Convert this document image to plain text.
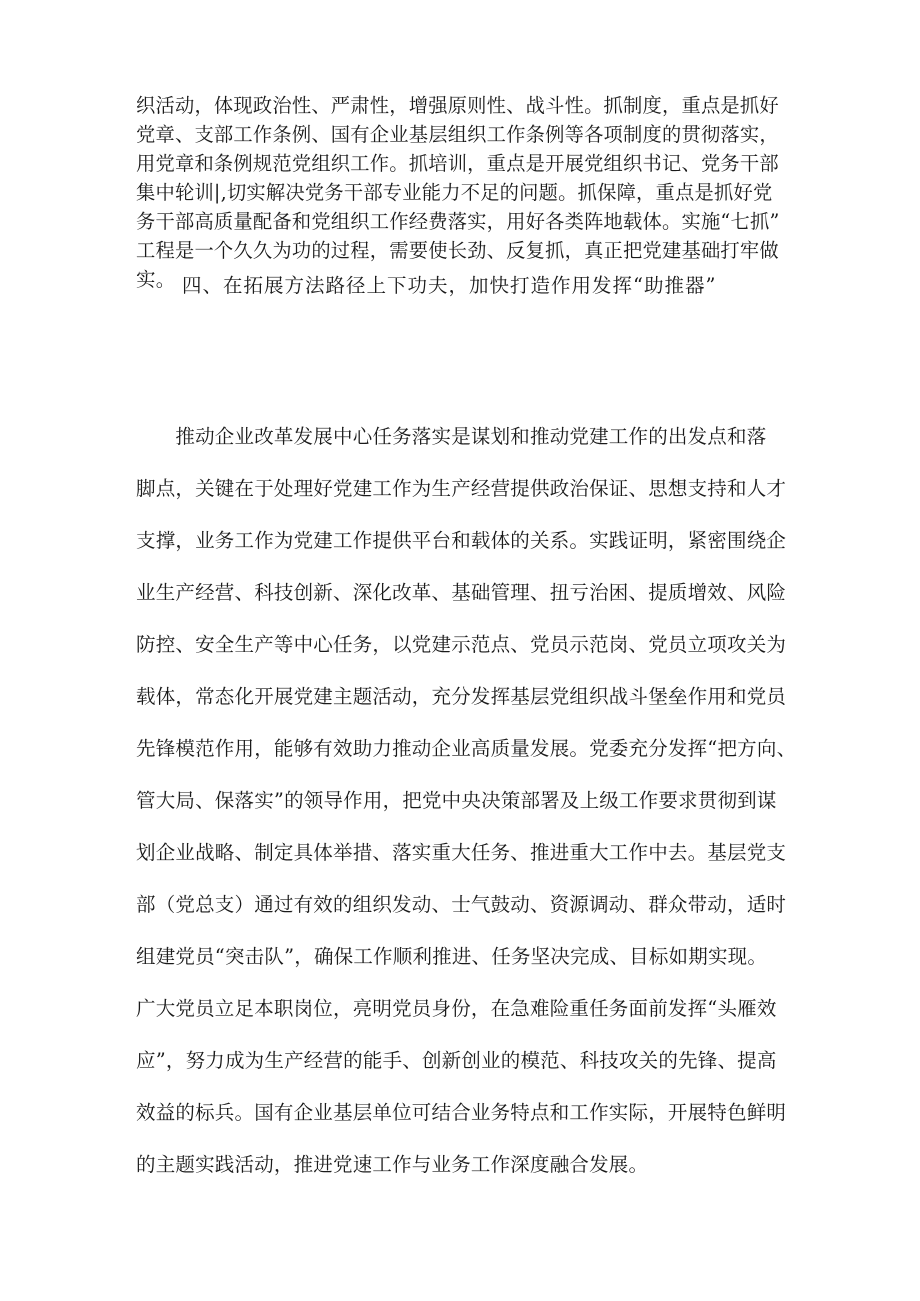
织活动，体现政治性、严肃性，增强原则性、战斗性。抓制度，重点是抓好
党章、支部工作条例、国有企业基层组织工作条例等各项制度的贯彻落实，
用党章和条例规范党组织工作。抓培训，重点是开展党组织书记、党务干部
集中轮训|,切实解决党务干部专业能力不足的问题。抓保障，重点是抓好党
务干部高质量配备和党组织工作经费落实，用好各类阵地载体。实施“七抓”
工程是一个久久为功的过程，需要使长劲、反复抓，真正把党建基础打牢做
四、在拓展方法路径上下功夫，加快打造作用发挥“助推器”
　　推动企业改革发展中心任务落实是谋划和推动党建工作的出发点和落
脚点，关键在于处理好党建工作为生产经营提供政治保证、思想支持和人才
支撑，业务工作为党建工作提供平台和载体的关系。实践证明，紧密围绕企
业生产经营、科技创新、深化改革、基础管理、扭亏治困、提质增效、风险
防控、安全生产等中心任务，以党建示范点、党员示范岗、党员立项攻关为
载体，常态化开展党建主题活动，充分发挥基层党组织战斗堡垒作用和党员
先锋模范作用，能够有效助力推动企业高质量发展。党委充分发挥“把方向、
管大局、保落实”的领导作用，把党中央决策部署及上级工作要求贯彻到谋
划企业战略、制定具体举措、落实重大任务、推进重大工作中去。基层党支
部（党总支）通过有效的组织发动、士气鼓动、资源调动、群众带动，适时
组建党员“突击队”，确保工作顺利推进、任务坚决完成、目标如期实现。
广大党员立足本职岗位，亮明党员身份，在急难险重任务面前发挥“头雁效
应”，努力成为生产经营的能手、创新创业的模范、科技攻关的先锋、提高
效益的标兵。国有企业基层单位可结合业务特点和工作实际，开展特色鲜明
的主题实践活动，推进党速工作与业务工作深度融合发展。
实。
